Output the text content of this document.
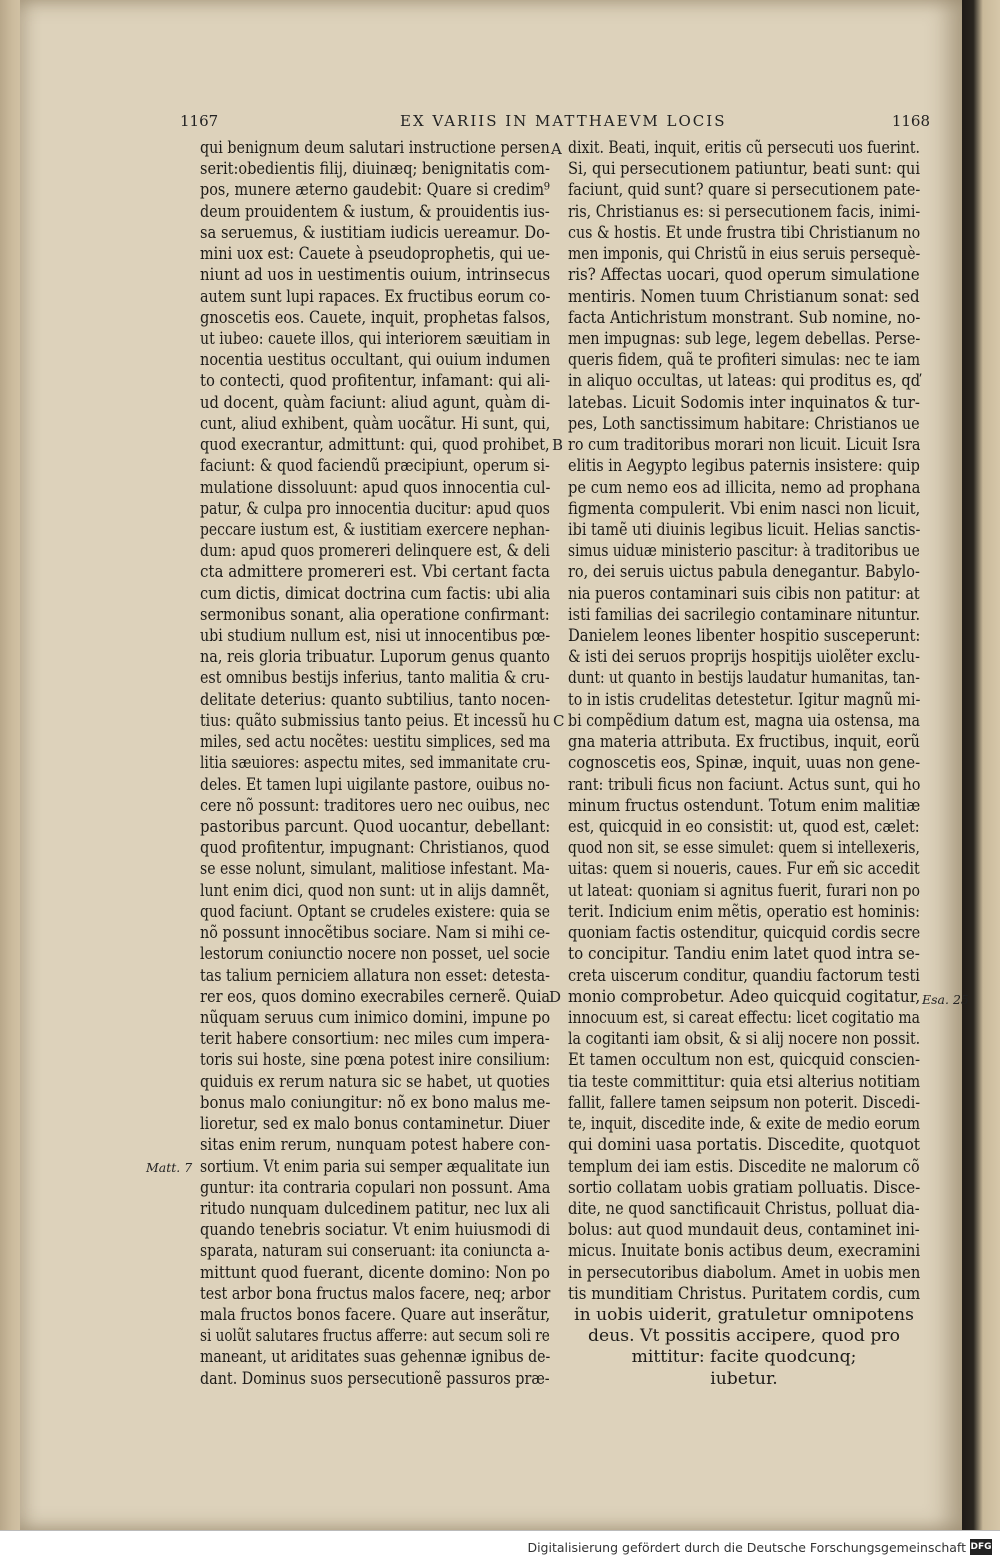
1167	EX VARIIS IN MATTHAEVM LOCIS	1168
qui benignum deum salutari instructione persen
serit:obedientis filij, diuinæq; benignitatis com-
pos, munere æterno gaudebit: Quare si credim⁹
deum prouidentem & iustum, & prouidentis ius-
sa seruemus, & iustitiam iudicis uereamur. Do-
mini uox est: Cauete à pseudoprophetis, qui ue-
niunt ad uos in uestimentis ouium, intrinsecus
autem sunt lupi rapaces. Ex fructibus eorum co-
gnoscetis eos. Cauete, inquit, prophetas falsos,
ut iubeo: cauete illos, qui interiorem sæuitiam in
nocentia uestitus occultant, qui ouium indumen
to contecti, quod profitentur, infamant: qui ali-
ud docent, quàm faciunt: aliud agunt, quàm di-
cunt, aliud exhibent, quàm uocãtur. Hi sunt, qui,
quod execrantur, admittunt: qui, quod prohibet,
faciunt: & quod faciendũ præcipiunt, operum si-
mulatione dissoluunt: apud quos innocentia cul-
patur, & culpa pro innocentia ducitur: apud quos
peccare iustum est, & iustitiam exercere nephan-
dum: apud quos promereri delinquere est, & deli
cta admittere promereri est. Vbi certant facta
cum dictis, dimicat doctrina cum factis: ubi alia
sermonibus sonant, alia operatione confirmant:
ubi studium nullum est, nisi ut innocentibus pœ-
na, reis gloria tribuatur. Luporum genus quanto
est omnibus bestijs inferius, tanto malitia & cru-
delitate deterius: quanto subtilius, tanto nocen-
tius: quãto submissius tanto peius. Et incessũ hu
miles, sed actu nocẽtes: uestitu simplices, sed ma
litia sæuiores: aspectu mites, sed immanitate cru-
deles. Et tamen lupi uigilante pastore, ouibus no-
cere nõ possunt: traditores uero nec ouibus, nec
pastoribus parcunt. Quod uocantur, debellant:
quod profitentur, impugnant: Christianos, quod
se esse nolunt, simulant, malitiose infestant. Ma-
lunt enim dici, quod non sunt: ut in alijs damnẽt,
quod faciunt. Optant se crudeles existere: quia se
nõ possunt innocẽtibus sociare. Nam si mihi ce-
lestorum coniunctio nocere non posset, uel socie
tas talium perniciem allatura non esset: detesta-
rer eos, quos domino execrabiles cernerẽ. Quia
nũquam seruus cum inimico domini, impune po
terit habere consortium: nec miles cum impera-
toris sui hoste, sine pœna potest inire consilium:
quiduis ex rerum natura sic se habet, ut quoties
bonus malo coniungitur: nõ ex bono malus me-
lioretur, sed ex malo bonus contaminetur. Diuer
sitas enim rerum, nunquam potest habere con-
sortium. Vt enim paria sui semper æqualitate iun
guntur: ita contraria copulari non possunt. Ama
ritudo nunquam dulcedinem patitur, nec lux ali
quando tenebris sociatur. Vt enim huiusmodi di
sparata, naturam sui conseruant: ita coniuncta a-
mittunt quod fuerant, dicente domino: Non po
test arbor bona fructus malos facere, neq; arbor
mala fructos bonos facere. Quare aut inserãtur,
si uolũt salutares fructus afferre: aut secum soli re
maneant, ut ariditates suas gehennæ ignibus de-
dant. Dominus suos persecutionẽ passuros præ-
dixit. Beati, inquit, eritis cũ persecuti uos fuerint.
Si, qui persecutionem patiuntur, beati sunt: qui
faciunt, quid sunt? quare si persecutionem pate-
ris, Christianus es: si persecutionem facis, inimi-
cus & hostis. Et unde frustra tibi Christianum no
men imponis, qui Christũ in eius seruis persequè-
ris? Affectas uocari, quod operum simulatione
mentiris. Nomen tuum Christianum sonat: sed
facta Antichristum monstrant. Sub nomine, no-
men impugnas: sub lege, legem debellas. Perse-
queris fidem, quã te profiteri simulas: nec te iam
in aliquo occultas, ut lateas: qui proditus es, qď
latebas. Licuit Sodomis inter inquinatos & tur-
pes, Loth sanctissimum habitare: Christianos ue
ro cum traditoribus morari non licuit. Licuit Isra
elitis in Aegypto legibus paternis insistere: quip
pe cum nemo eos ad illicita, nemo ad prophana
figmenta compulerit. Vbi enim nasci non licuit,
ibi tamẽ uti diuinis legibus licuit. Helias sanctis-
simus uiduæ ministerio pascitur: à traditoribus ue
ro, dei seruis uictus pabula denegantur. Babylo-
nia pueros contaminari suis cibis non patitur: at
isti familias dei sacrilegio contaminare nituntur.
Danielem leones libenter hospitio susceperunt:
& isti dei seruos proprijs hospitijs uiolẽter exclu-
dunt: ut quanto in bestijs laudatur humanitas, tan-
to in istis crudelitas detestetur. Igitur magnũ mi-
bi compẽdium datum est, magna uia ostensa, ma
gna materia attributa. Ex fructibus, inquit, eorũ
cognoscetis eos, Spinæ, inquit, uuas non gene-
rant: tribuli ficus non faciunt. Actus sunt, qui ho
minum fructus ostendunt. Totum enim malitiæ
est, quicquid in eo consistit: ut, quod est, cælet:
quod non sit, se esse simulet: quem si intellexeris,
uitas: quem si noueris, caues. Fur em̃ sic accedit
ut lateat: quoniam si agnitus fuerit, furari non po
terit. Indicium enim mẽtis, operatio est hominis:
quoniam factis ostenditur, quicquid cordis secre
to concipitur. Tandiu enim latet quod intra se-
creta uiscerum conditur, quandiu factorum testi
monio comprobetur. Adeo quicquid cogitatur,
innocuum est, si careat effectu: licet cogitatio ma
la cogitanti iam obsit, & si alij nocere non possit.
Et tamen occultum non est, quicquid conscien-
tia teste committitur: quia etsi alterius notitiam
fallit, fallere tamen seipsum non poterit. Discedi-
te, inquit, discedite inde, & exite de medio eorum
qui domini uasa portatis. Discedite, quotquot
templum dei iam estis. Discedite ne malorum cõ
sortio collatam uobis gratiam polluatis. Disce-
dite, ne quod sanctificauit Christus, polluat dia-
bolus: aut quod mundauit deus, contaminet ini-
micus. Inuitate bonis actibus deum, execramini
in persecutoribus diabolum. Amet in uobis men
tis munditiam Christus. Puritatem cordis, cum
in uobis uiderit, gratuletur omnipotens
deus. Vt possitis accipere, quod pro
mittitur: facite quodcunq;
iubetur.
A
B
C
D
Matt. 7
Esa. 25
Digitalisierung gefördert durch die Deutsche Forschungsgemeinschaft DFG
